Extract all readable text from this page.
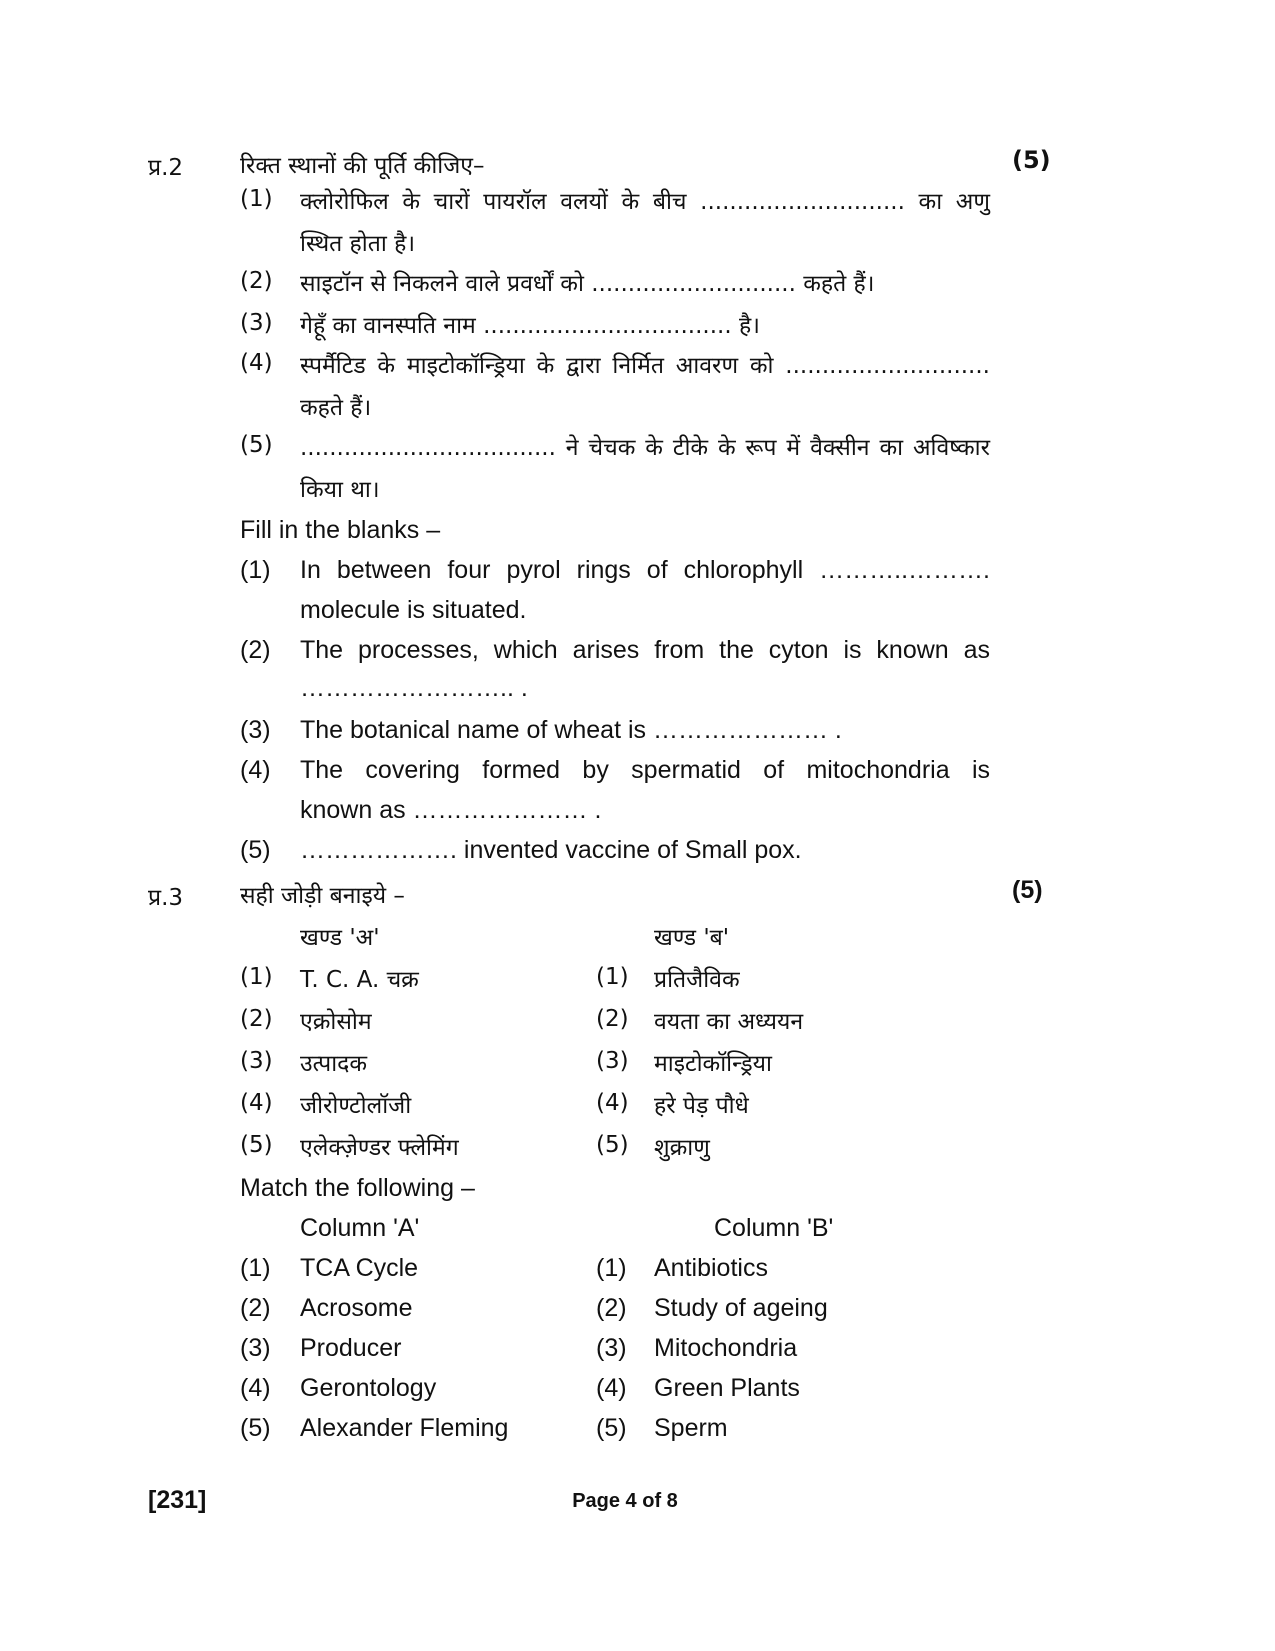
प्र.2 रिक्त स्थानों की पूर्ति कीजिए–	(5)
(1) क्लोरोफिल के चारों पायरॉल वलयों के बीच ............................ का अणु
स्थित होता है।
(2) साइटॉन से निकलने वाले प्रवर्धों को ............................ कहते हैं।
(3) गेहूँ का वानस्पति नाम .................................. है।
(4) स्पर्मैटिड के माइटोकॉन्ड्रिया के द्वारा निर्मित आवरण को ............................
कहते हैं।
(5) ................................... ने चेचक के टीके के रूप में वैक्सीन का अविष्कार
किया था।
Fill in the blanks –
(1) In between four pyrol rings of chlorophyll ………..……….
molecule is situated.
(2) The processes, which arises from the cyton is known as
…………………….. .
(3) The botanical name of wheat is ………………… .
(4) The covering formed by spermatid of mitochondria is
known as ………………… .
(5) ………………. invented vaccine of Small pox.
प्र.3 सही जोड़ी बनाइये –	(5)
खण्ड 'अ'	खण्ड 'ब'
(1) T. C. A. चक्र	(1) प्रतिजैविक
(2) एक्रोसोम	(2) वयता का अध्ययन
(3) उत्पादक	(3) माइटोकॉन्ड्रिया
(4) जीरोण्टोलॉजी	(4) हरे पेड़ पौधे
(5) एलेक्ज़ेण्डर फ्लेमिंग	(5) शुक्राणु
Match the following –
Column 'A'	Column 'B'
(1) TCA Cycle	(1) Antibiotics
(2) Acrosome	(2) Study of ageing
(3) Producer	(3) Mitochondria
(4) Gerontology	(4) Green Plants
(5) Alexander Fleming	(5) Sperm
[231]	Page 4 of 8
